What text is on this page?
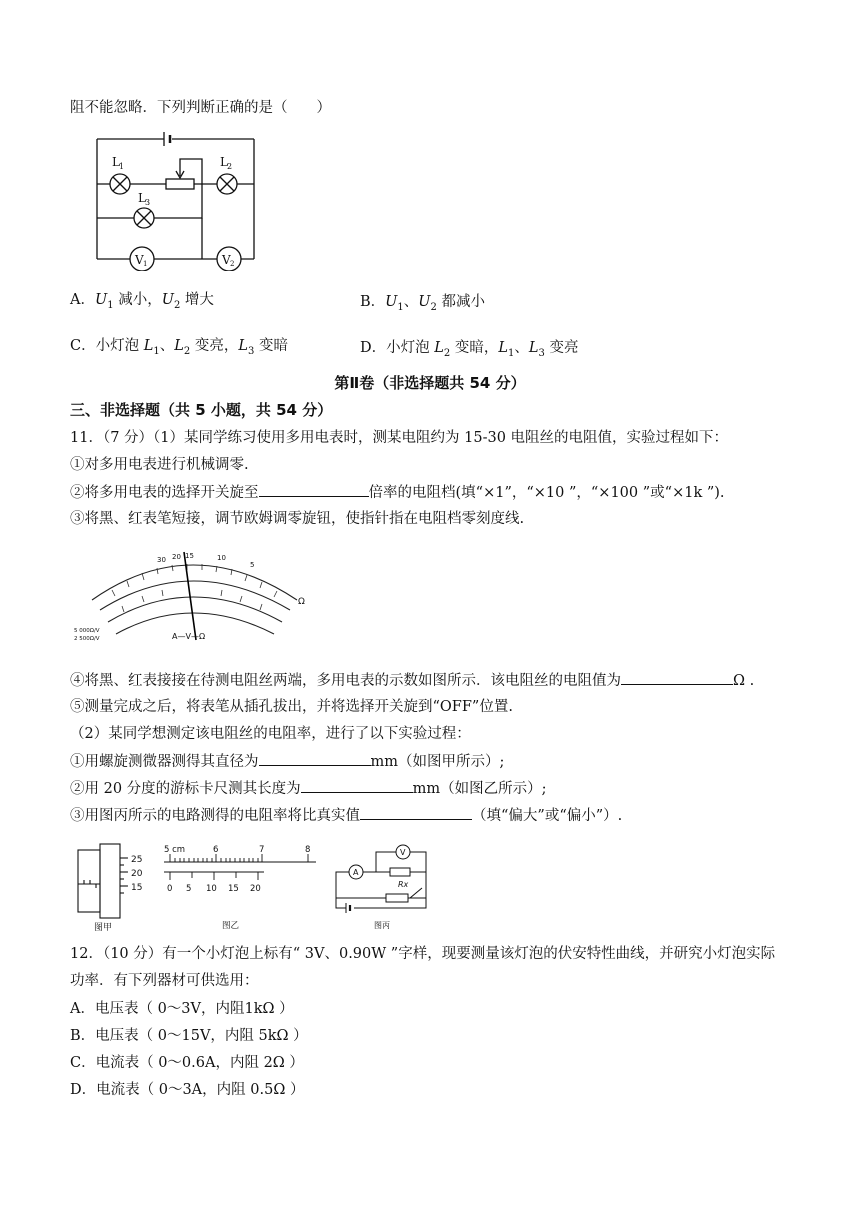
阻不能忽略．下列判断正确的是（　　）
L 1	L 2
L 3
V 1	V 2
A．$U_1$ 减小，$U_2$ 增大	B．$U_1$、$U_2$ 都减小
C．小灯泡 $L_1$、$L_2$ 变亮，$L_3$ 变暗	D．小灯泡 $L_2$ 变暗，$L_1$、$L_3$ 变亮
第Ⅱ卷（非选择题共 54 分）
三、非选择题（共 5 小题，共 54 分）
11．（7 分）（1）某同学练习使用多用电表时，测某电阻约为 15-30 电阻丝的电阻值，实验过程如下：
①对多用电表进行机械调零.
②将多用电表的选择开关旋至	倍率的电阻档(填“×1”，“×10 ”，“×100 ”或“×1k ”).
③将黑、红表笔短接，调节欧姆调零旋钮，使指针指在电阻档零刻度线.
30 20 15	10
5
5 000Ω/V
2 500Ω/V	A—V—Ω
Ω
④将黑、红表接接在待测电阻丝两端，多用电表的示数如图所示．该电阻丝的电阻值为	Ω .
⑤测量完成之后，将表笔从插孔拔出，并将选择开关旋到“OFF”位置.
（2）某同学想测定该电阻丝的电阻率，进行了以下实验过程：
①用螺旋测微器测得其直径为	mm（如图甲所示）;
②用 20 分度的游标卡尺测其长度为	mm（如图乙所示）;
③用图丙所示的电路测得的电阻率将比真实值	（填“偏大”或“偏小”）.
25
20
15
图甲
5 cm	6	7	8
0 5 10 15 20
图乙
A
V
Rx
图丙
12．（10 分）有一个小灯泡上标有“ 3V、0.90W ”字样，现要测量该灯泡的伏安特性曲线，并研究小灯泡实际
功率．有下列器材可供选用：
A．电压表（ 0～3V，内阻1kΩ ）
B．电压表（ 0～15V，内阻 5kΩ ）
C．电流表（ 0～0.6A，内阻 2Ω ）
D．电流表（ 0～3A，内阻 0.5Ω ）
